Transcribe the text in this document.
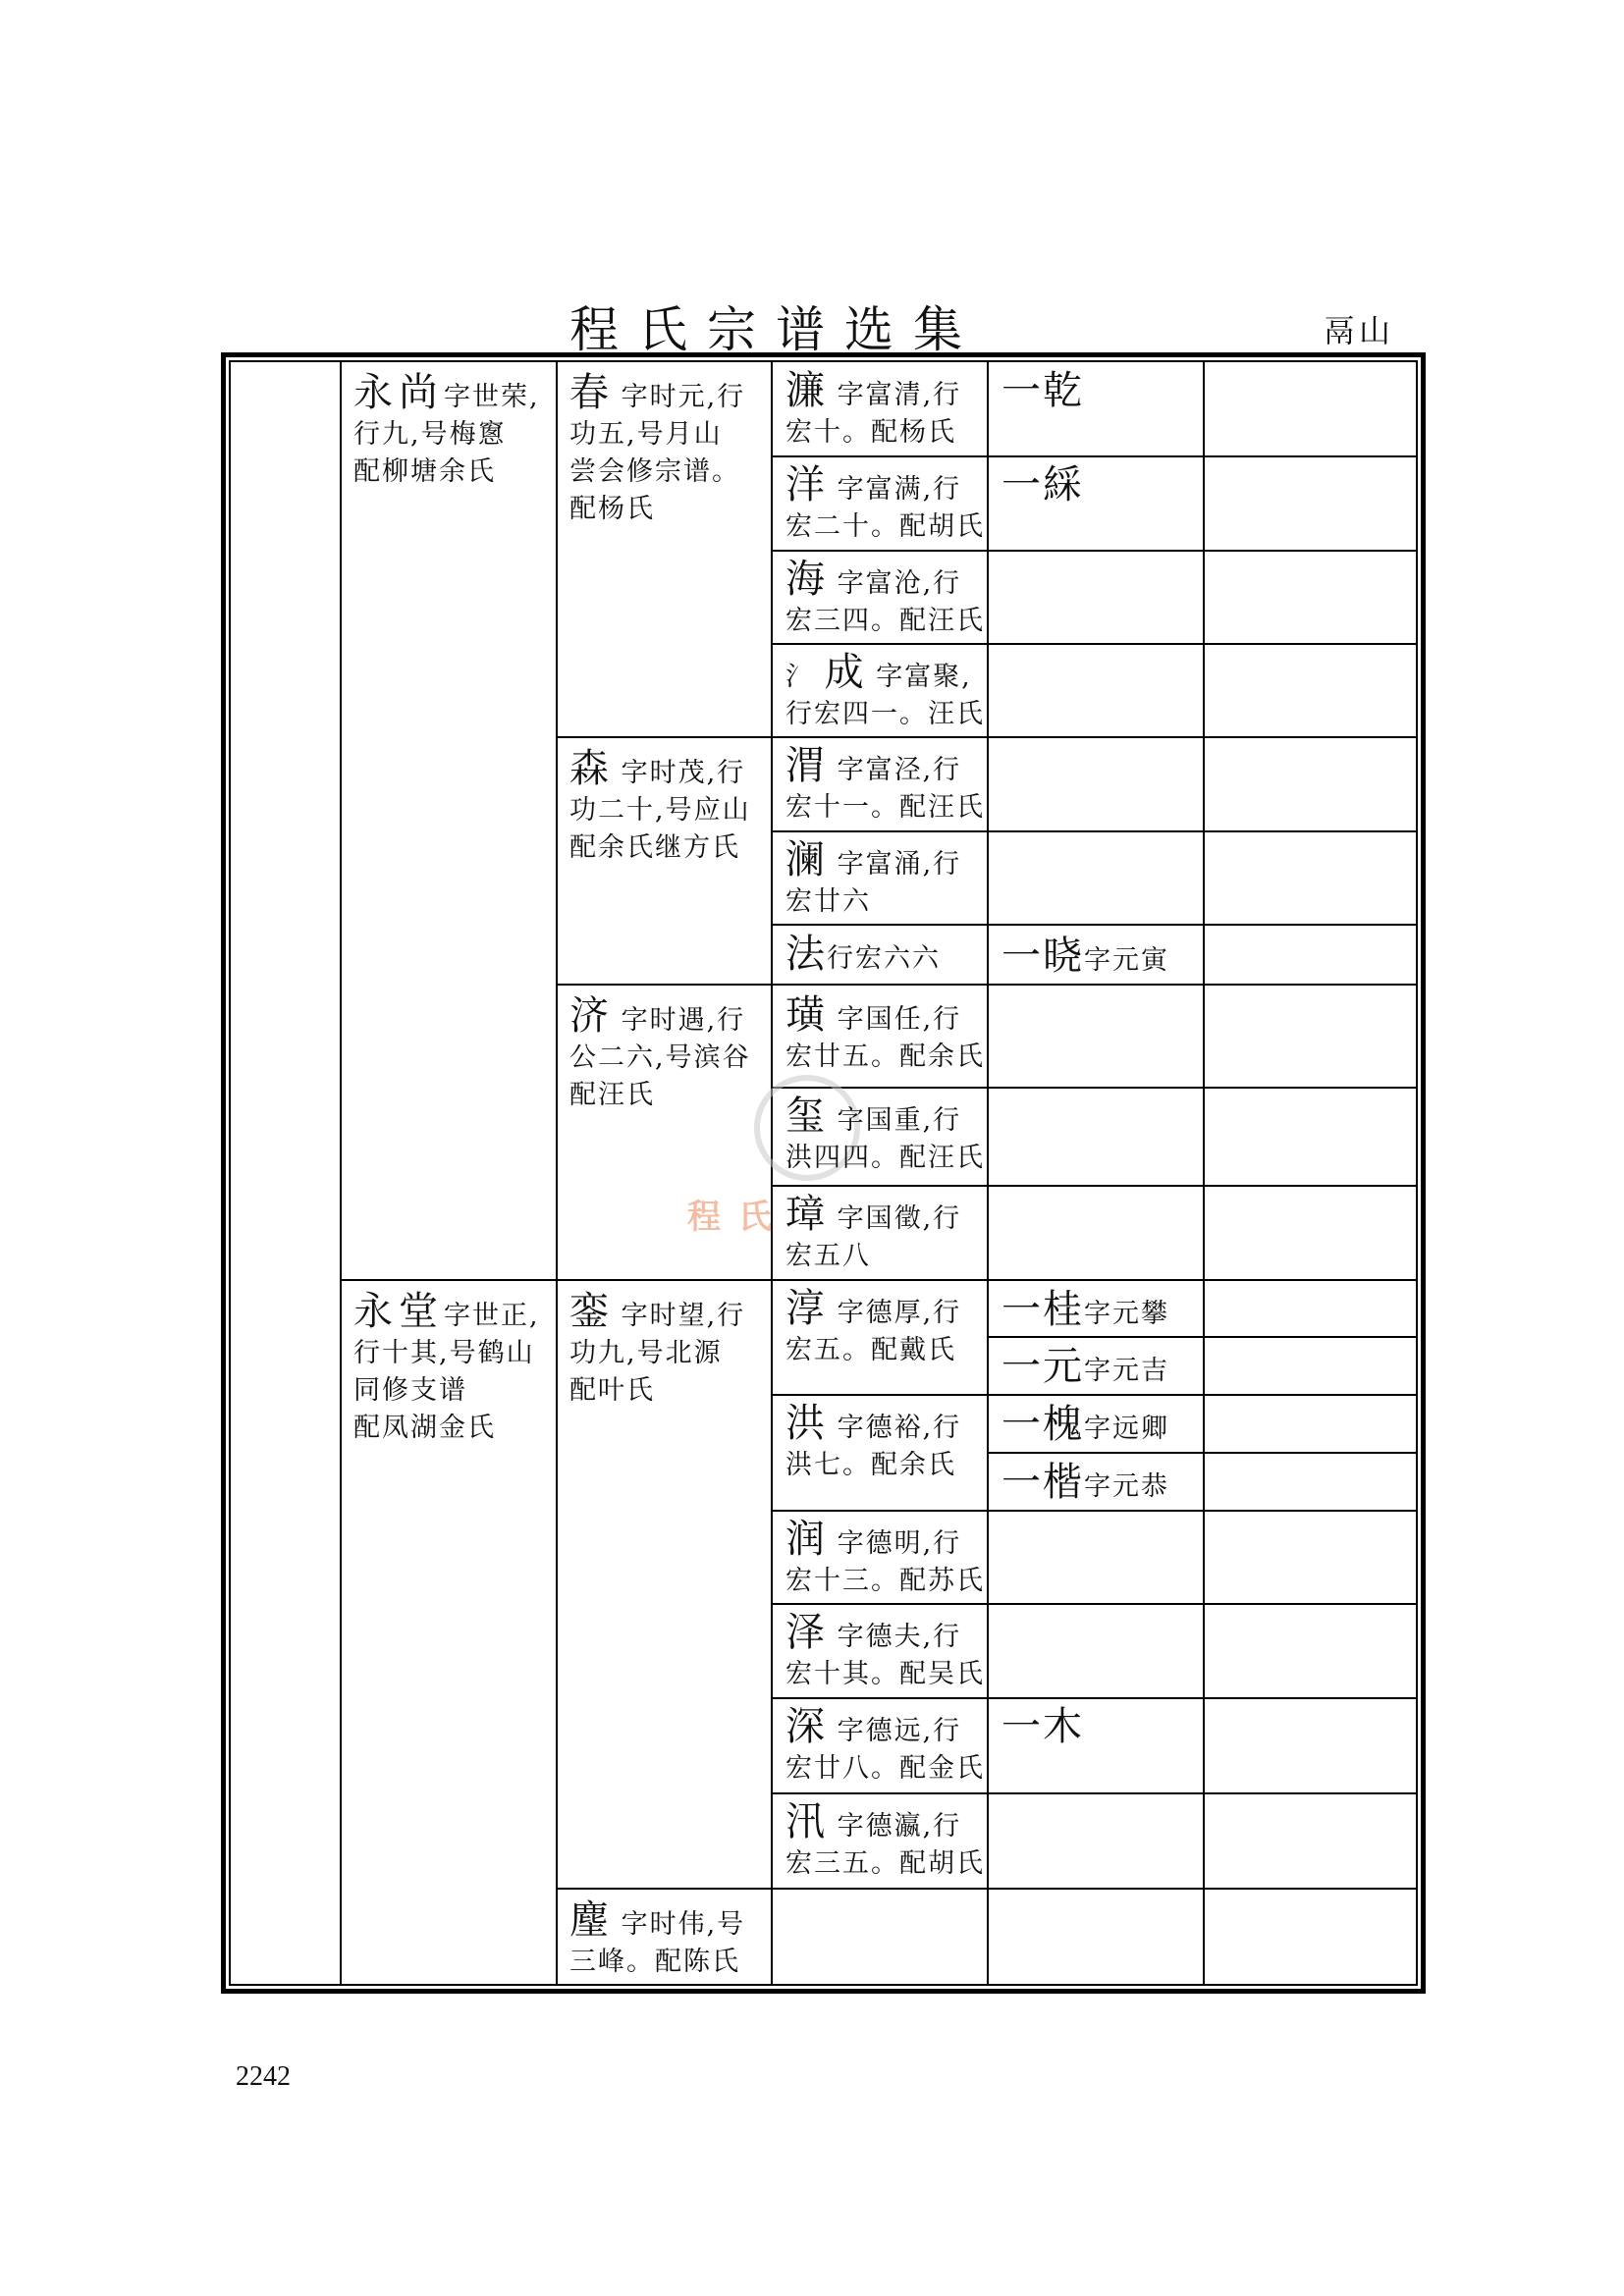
程氏宗谱选集	鬲山
程氏
永尚字世荣,
行九,号梅窻
配柳塘余氏
永堂字世正,
行十其,号鹤山
同修支谱
配凤湖金氏
春 字时元,行
功五,号月山
尝会修宗谱。
配杨氏
森 字时茂,行
功二十,号应山
配余氏继方氏
济 字时遇,行
公二六,号滨谷
配汪氏
銮 字时望,行
功九,号北源
配叶氏
麈 字时伟,号
三峰。配陈氏
濂 字富清,行
宏十。配杨氏
洋 字富满,行
宏二十。配胡氏
海 字富沧,行
宏三四。配汪氏
氵 成 字富聚,
行宏四一。汪氏
渭 字富泾,行
宏十一。配汪氏
澜 字富涌,行
宏廿六
法行宏六六
璜 字国任,行
宏廿五。配余氏
玺 字国重,行
洪四四。配汪氏
璋 字国徵,行
宏五八
淳 字德厚,行
宏五。配戴氏
洪 字德裕,行
洪七。配余氏
润 字德明,行
宏十三。配苏氏
泽 字德夫,行
宏十其。配吴氏
深 字德远,行
宏廿八。配金氏
汛 字德瀛,行
宏三五。配胡氏
一乾
一綵
一晓字元寅
一桂字元攀
一元字元吉
一槐字远卿
一楷字元恭
一木
2242
